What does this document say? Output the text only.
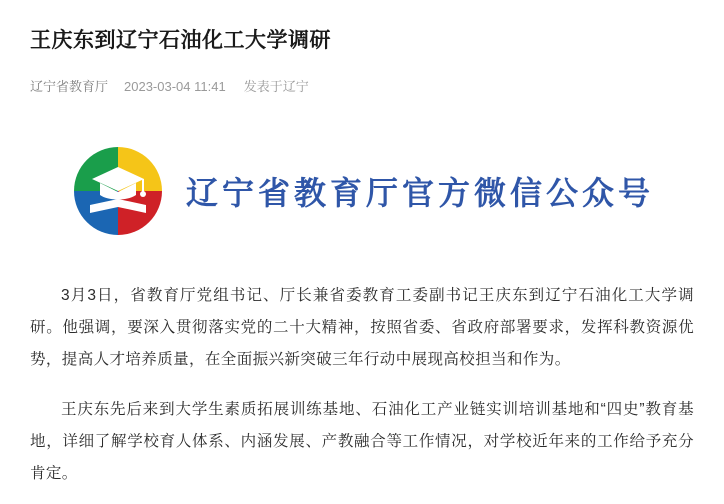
王庆东到辽宁石油化工大学调研
辽宁省教育厅 2023-03-04 11:41 发表于辽宁
辽宁省教育厅官方微信公众号

3月3日，省教育厅党组书记、厅长兼省委教育工委副书记王庆东到辽宁石油化工大学调研。他强调，要深入贯彻落实党的二十大精神，按照省委、省政府部署要求，发挥科教资源优势，提高人才培养质量，在全面振兴新突破三年行动中展现高校担当和作为。

王庆东先后来到大学生素质拓展训练基地、石油化工产业链实训培训基地和“四史”教育基地，详细了解学校育人体系、内涵发展、产教融合等工作情况，对学校近年来的工作给予充分肯定。
